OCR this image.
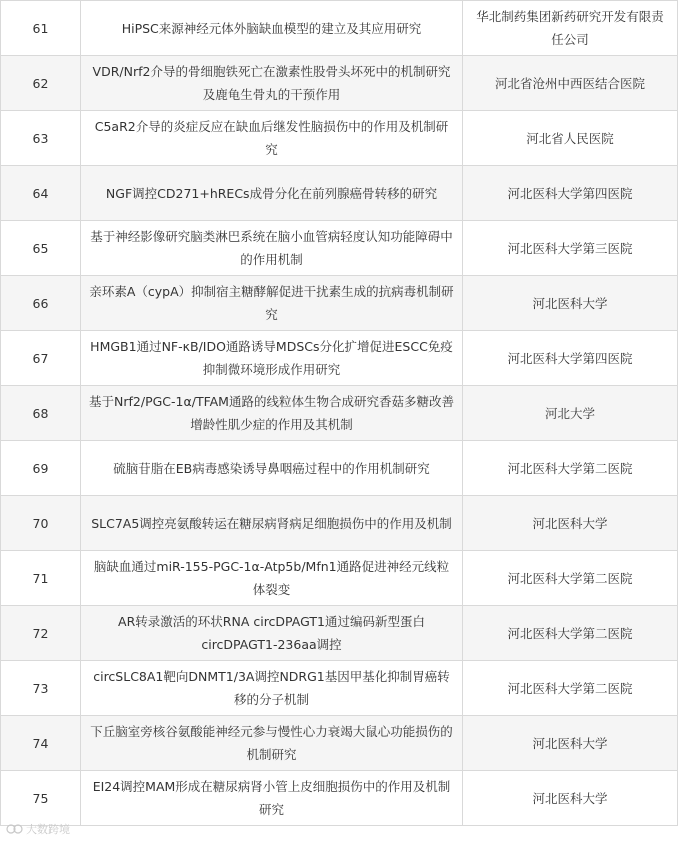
61	HiPSC来源神经元体外脑缺血模型的建立及其应用研究	华北制药集团新药研究开发有限责任公司
62	VDR/Nrf2介导的骨细胞铁死亡在激素性股骨头坏死中的机制研究及鹿龟生骨丸的干预作用	河北省沧州中西医结合医院
63	C5aR2介导的炎症反应在缺血后继发性脑损伤中的作用及机制研究	河北省人民医院
64	NGF调控CD271+hRECs成骨分化在前列腺癌骨转移的研究	河北医科大学第四医院
65	基于神经影像研究脑类淋巴系统在脑小血管病轻度认知功能障碍中的作用机制	河北医科大学第三医院
66	亲环素A（cypA）抑制宿主糖酵解促进干扰素生成的抗病毒机制研究	河北医科大学
67	HMGB1通过NF-κB/IDO通路诱导MDSCs分化扩增促进ESCC免疫抑制微环境形成作用研究	河北医科大学第四医院
68	基于Nrf2/PGC-1α/TFAM通路的线粒体生物合成研究香菇多糖改善增龄性肌少症的作用及其机制	河北大学
69	硫脑苷脂在EB病毒感染诱导鼻咽癌过程中的作用机制研究	河北医科大学第二医院
70	SLC7A5调控亮氨酸转运在糖尿病肾病足细胞损伤中的作用及机制	河北医科大学
71	脑缺血通过miR-155-PGC-1α-Atp5b/Mfn1通路促进神经元线粒体裂变	河北医科大学第二医院
72	AR转录激活的环状RNA circDPAGT1通过编码新型蛋白circDPAGT1-236aa调控	河北医科大学第二医院
73	circSLC8A1靶向DNMT1/3A调控NDRG1基因甲基化抑制胃癌转移的分子机制	河北医科大学第二医院
74	下丘脑室旁核谷氨酸能神经元参与慢性心力衰竭大鼠心功能损伤的机制研究	河北医科大学
75	EI24调控MAM形成在糖尿病肾小管上皮细胞损伤中的作用及机制研究	河北医科大学
大数跨境
